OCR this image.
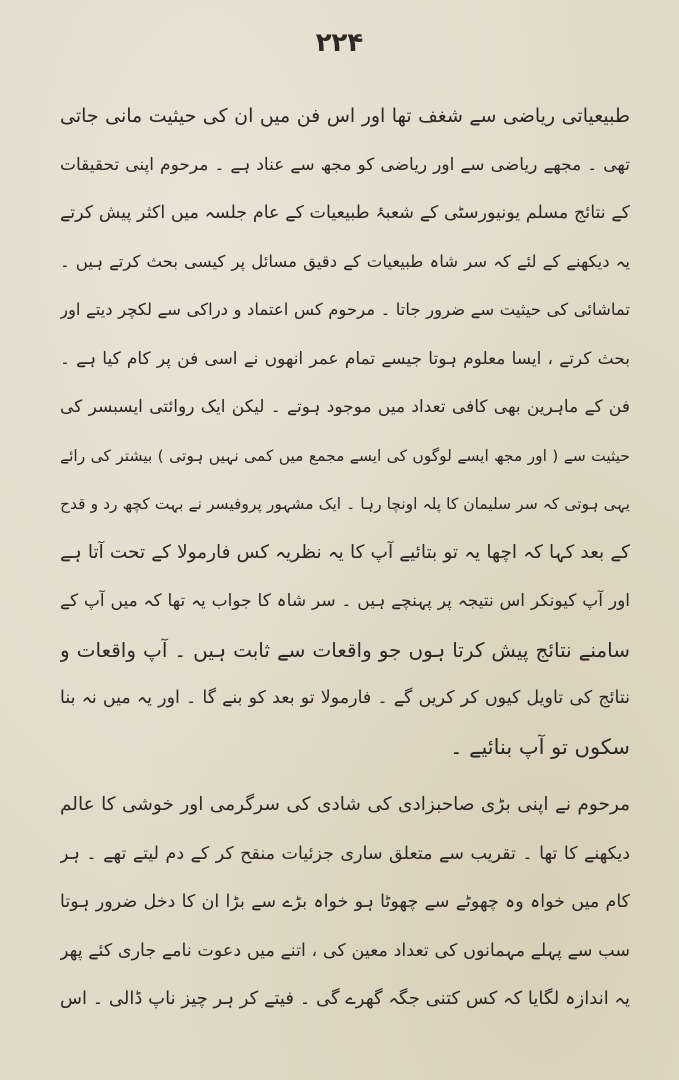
۲۲۴
طبیعیاتی ریاضی سے شغف تھا اور اس فن میں ان کی حیثیت مانی جاتی
تھی ۔ مجھے ریاضی سے اور ریاضی کو مجھ سے عناد ہے ۔ مرحوم اپنی تحقیقات
کے نتائج مسلم یونیورسٹی کے شعبۂ طبیعیات کے عام جلسہ میں اکثر پیش کرتے
یہ دیکھنے کے لئے کہ سر شاہ طبیعیات کے دقیق مسائل پر کیسی بحث کرتے ہیں ۔
تماشائی کی حیثیت سے ضرور جاتا ۔ مرحوم کس اعتماد و دراکی سے لکچر دیتے اور
بحث کرتے ، ایسا معلوم ہوتا جیسے تمام عمر انھوں نے اسی فن پر کام کیا ہے ۔
فن کے ماہرین بھی کافی تعداد میں موجود ہوتے ۔ لیکن ایک روائتی ایسبسر کی
حیثیت سے ( اور مجھ ایسے لوگوں کی ایسے مجمع میں کمی نہیں ہوتی ) بیشتر کی رائے
یہی ہوتی کہ سر سلیمان کا پلہ اونچا رہا ۔ ایک مشہور پروفیسر نے بہت کچھ رد و قدح
کے بعد کہا کہ اچھا یہ تو بتائیے آپ کا یہ نظریہ کس فارمولا کے تحت آتا ہے
اور آپ کیونکر اس نتیجہ پر پہنچے ہیں ۔ سر شاہ کا جواب یہ تھا کہ میں آپ کے
سامنے نتائج پیش کرتا ہوں جو واقعات سے ثابت ہیں ۔ آپ واقعات و
نتائج کی تاویل کیوں کر کریں گے ۔ فارمولا تو بعد کو بنے گا ۔ اور یہ میں نہ بنا
سکوں تو آپ بنائیے ۔
مرحوم نے اپنی بڑی صاحبزادی کی شادی کی سرگرمی اور خوشی کا عالم
دیکھنے کا تھا ۔ تقریب سے متعلق ساری جزئیات منقح کر کے دم لیتے تھے ۔ ہر
کام میں خواہ وہ چھوٹے سے چھوٹا ہو خواہ بڑے سے بڑا ان کا دخل ضرور ہوتا
سب سے پہلے مہمانوں کی تعداد معین کی ، اتنے میں دعوت نامے جاری کئے پھر
یہ اندازہ لگایا کہ کس کتنی جگہ گھرے گی ۔ فیتے کر ہر چیز ناپ ڈالی ۔ اس
